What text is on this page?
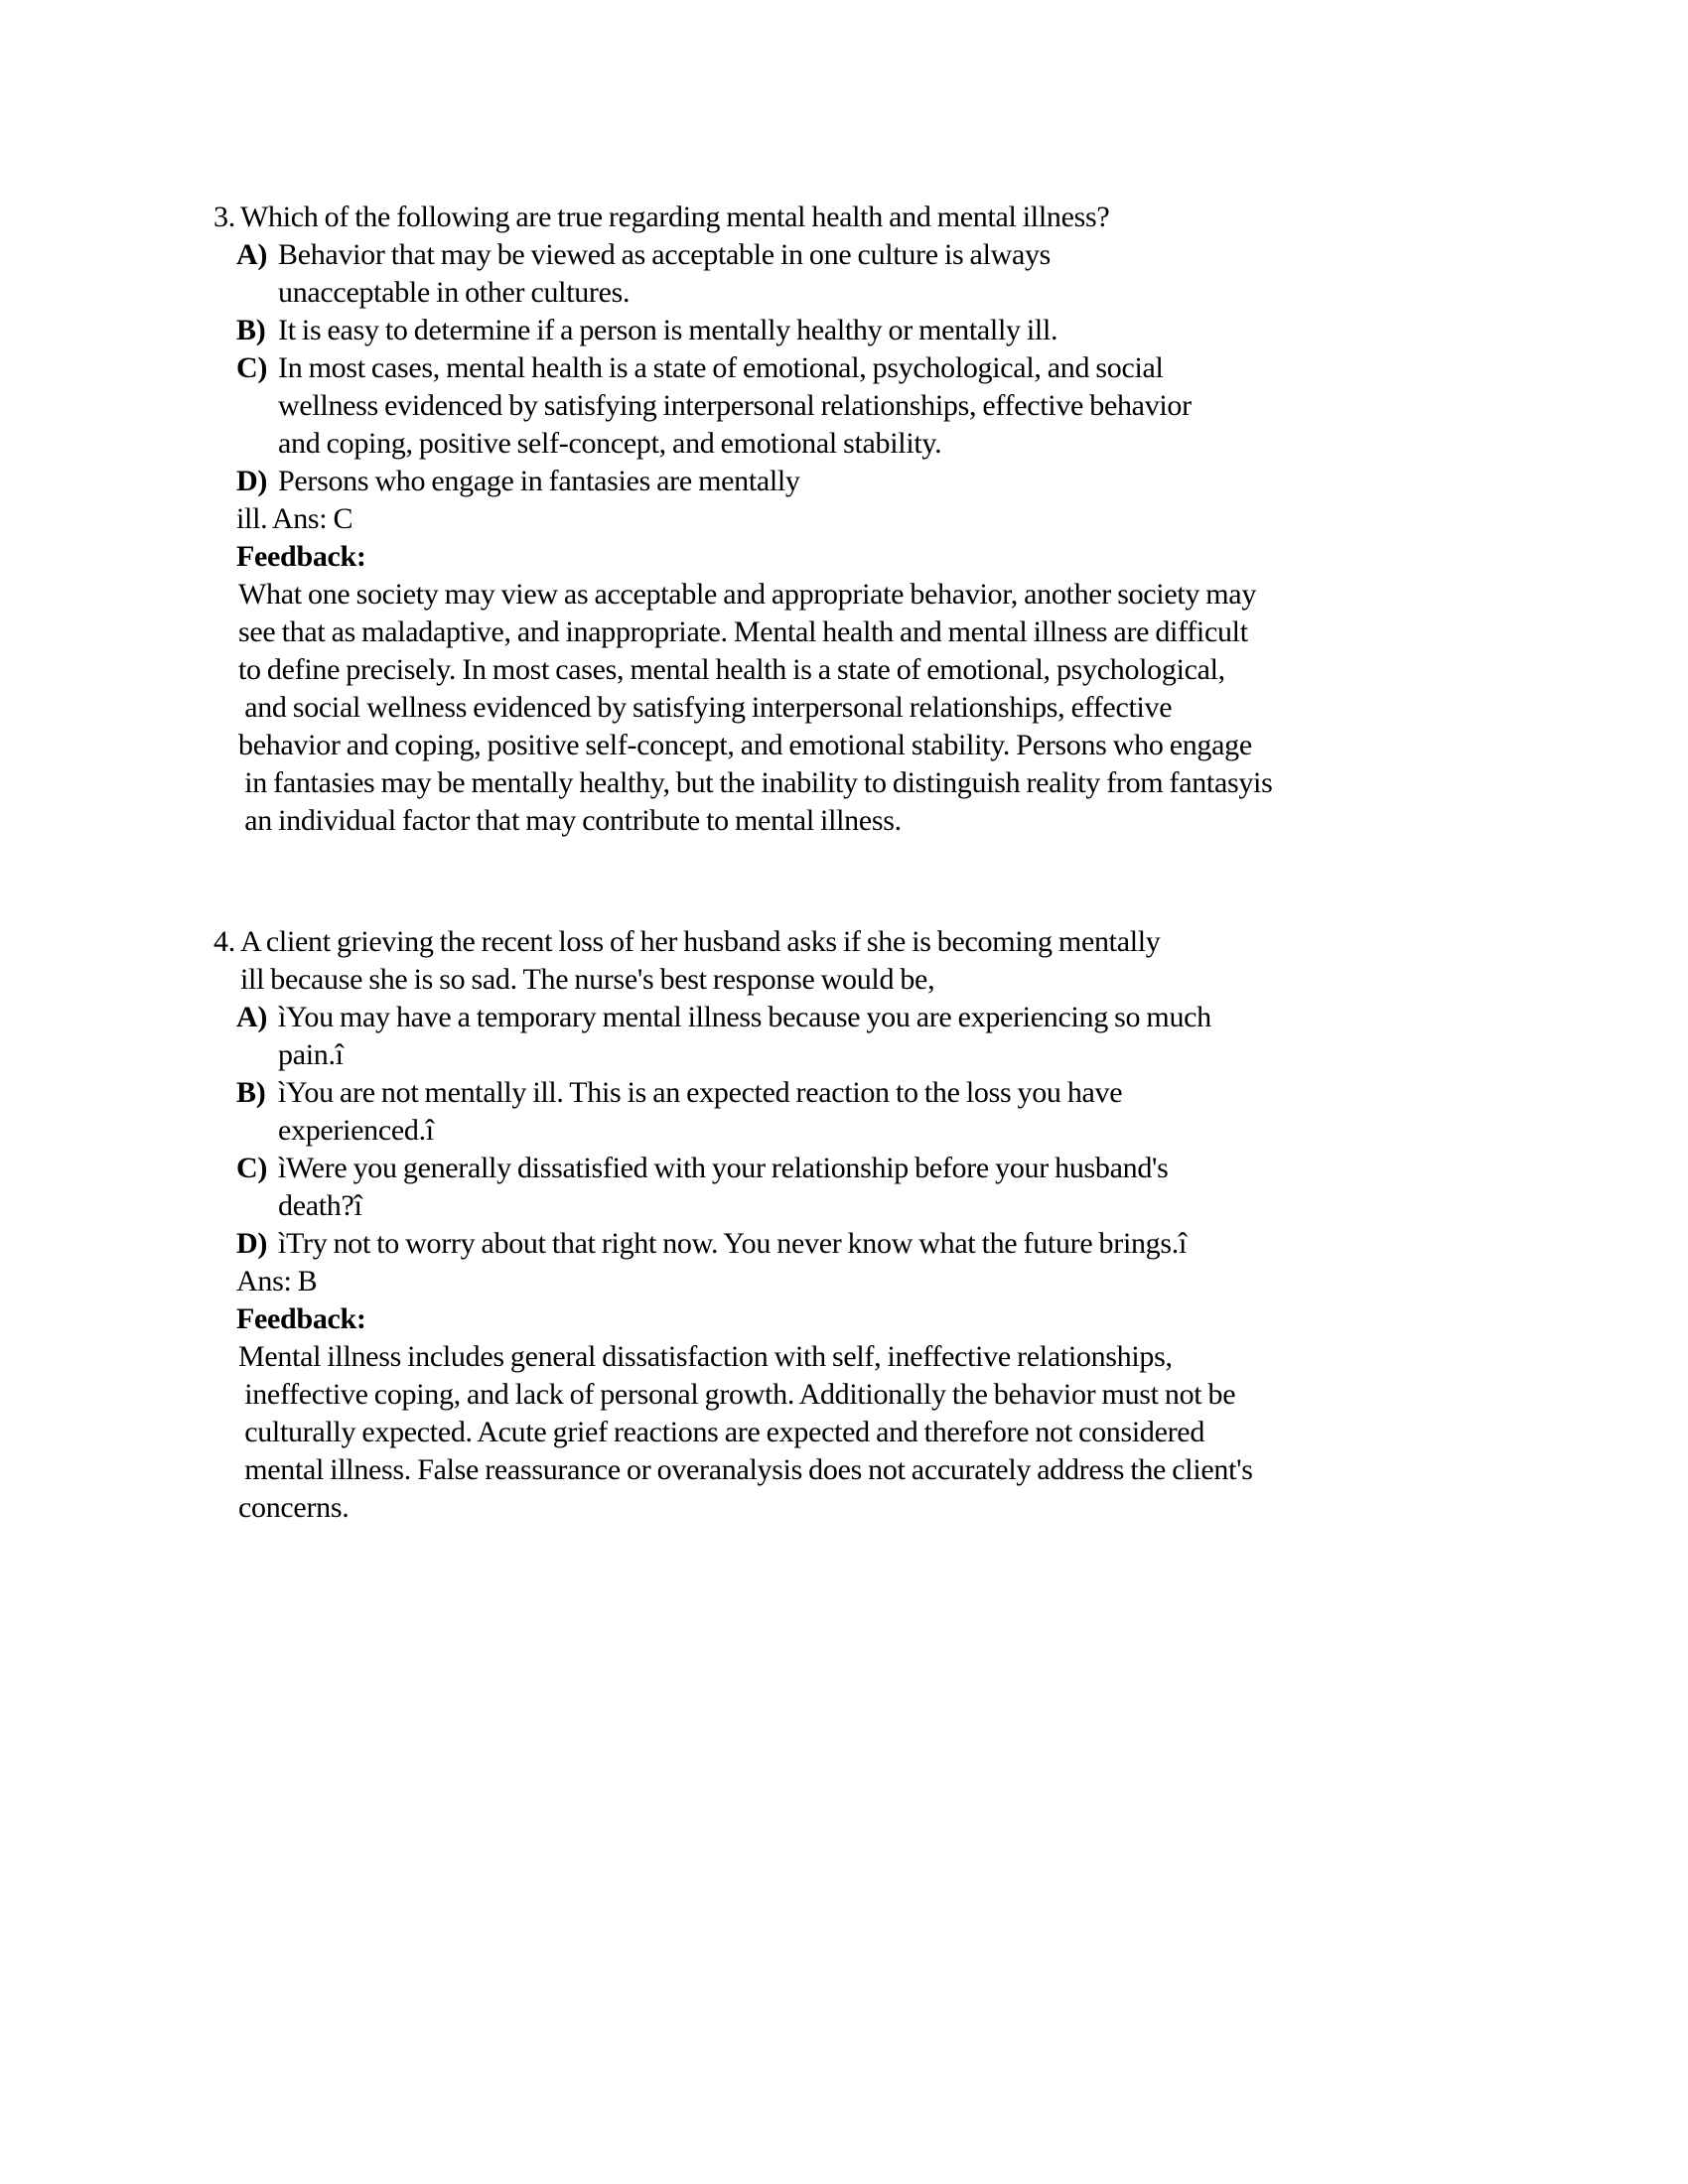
3. Which of the following are true regarding mental health and mental illness?
A) Behavior that may be viewed as acceptable in one culture is always
unacceptable in other cultures.
B) It is easy to determine if a person is mentally healthy or mentally ill.
C) In most cases, mental health is a state of emotional, psychological, and social
wellness evidenced by satisfying interpersonal relationships, effective behavior
and coping, positive self-concept, and emotional stability.
D) Persons who engage in fantasies are mentally
ill. Ans: C
Feedback:
What one society may view as acceptable and appropriate behavior, another society may
see that as maladaptive, and inappropriate. Mental health and mental illness are difficult
to define precisely. In most cases, mental health is a state of emotional, psychological,
and social wellness evidenced by satisfying interpersonal relationships, effective
behavior and coping, positive self-concept, and emotional stability. Persons who engage
in fantasies may be mentally healthy, but the inability to distinguish reality from fantasyis
an individual factor that may contribute to mental illness.
4. A client grieving the recent loss of her husband asks if she is becoming mentally
ill because she is so sad. The nurse's best response would be,
A) ìYou may have a temporary mental illness because you are experiencing so much
pain.î
B) ìYou are not mentally ill. This is an expected reaction to the loss you have
experienced.î
C) ìWere you generally dissatisfied with your relationship before your husband's
death?î
D) ìTry not to worry about that right now. You never know what the future brings.î
Ans: B
Feedback:
Mental illness includes general dissatisfaction with self, ineffective relationships,
ineffective coping, and lack of personal growth. Additionally the behavior must not be
culturally expected. Acute grief reactions are expected and therefore not considered
mental illness. False reassurance or overanalysis does not accurately address the client's
concerns.
